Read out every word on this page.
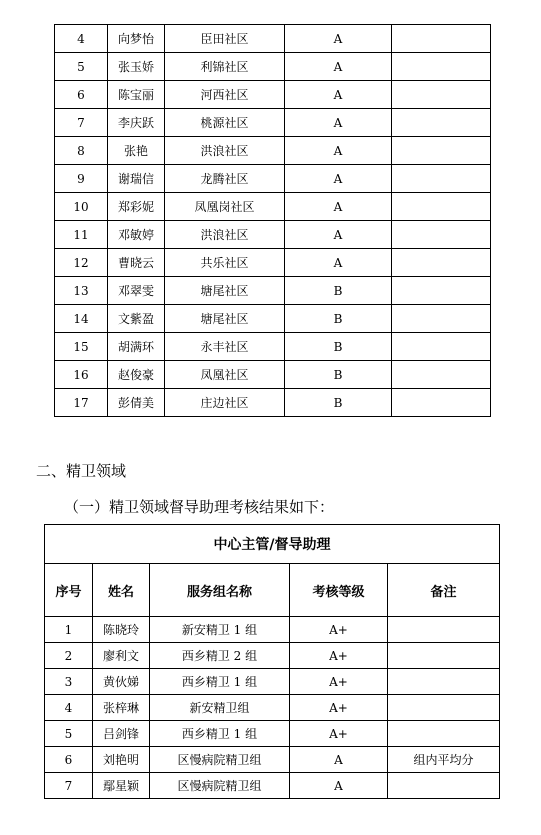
4	向梦怡	臣田社区	A	
5	张玉娇	利锦社区	A	
6	陈宝丽	河西社区	A	
7	李庆跃	桃源社区	A	
8	张艳	洪浪社区	A	
9	谢瑞信	龙腾社区	A	
10	郑彩妮	凤凰岗社区	A	
11	邓敏婷	洪浪社区	A	
12	曹晓云	共乐社区	A	
13	邓翠雯	塘尾社区	B	
14	文紫盈	塘尾社区	B	
15	胡满环	永丰社区	B	
16	赵俊豪	凤凰社区	B	
17	彭倩美	庄边社区	B	
二、精卫领域
（一）精卫领域督导助理考核结果如下：
中心主管/督导助理				
序号	姓名	服务组名称	考核等级	备注
1	陈晓玲	新安精卫 1 组	A+	
2	廖利文	西乡精卫 2 组	A+	
3	黄伙娣	西乡精卫 1 组	A+	
4	张梓琳	新安精卫组	A+	
5	吕剑锋	西乡精卫 1 组	A+	
6	刘艳明	区慢病院精卫组	A	组内平均分
7	鄢星颖	区慢病院精卫组	A	
